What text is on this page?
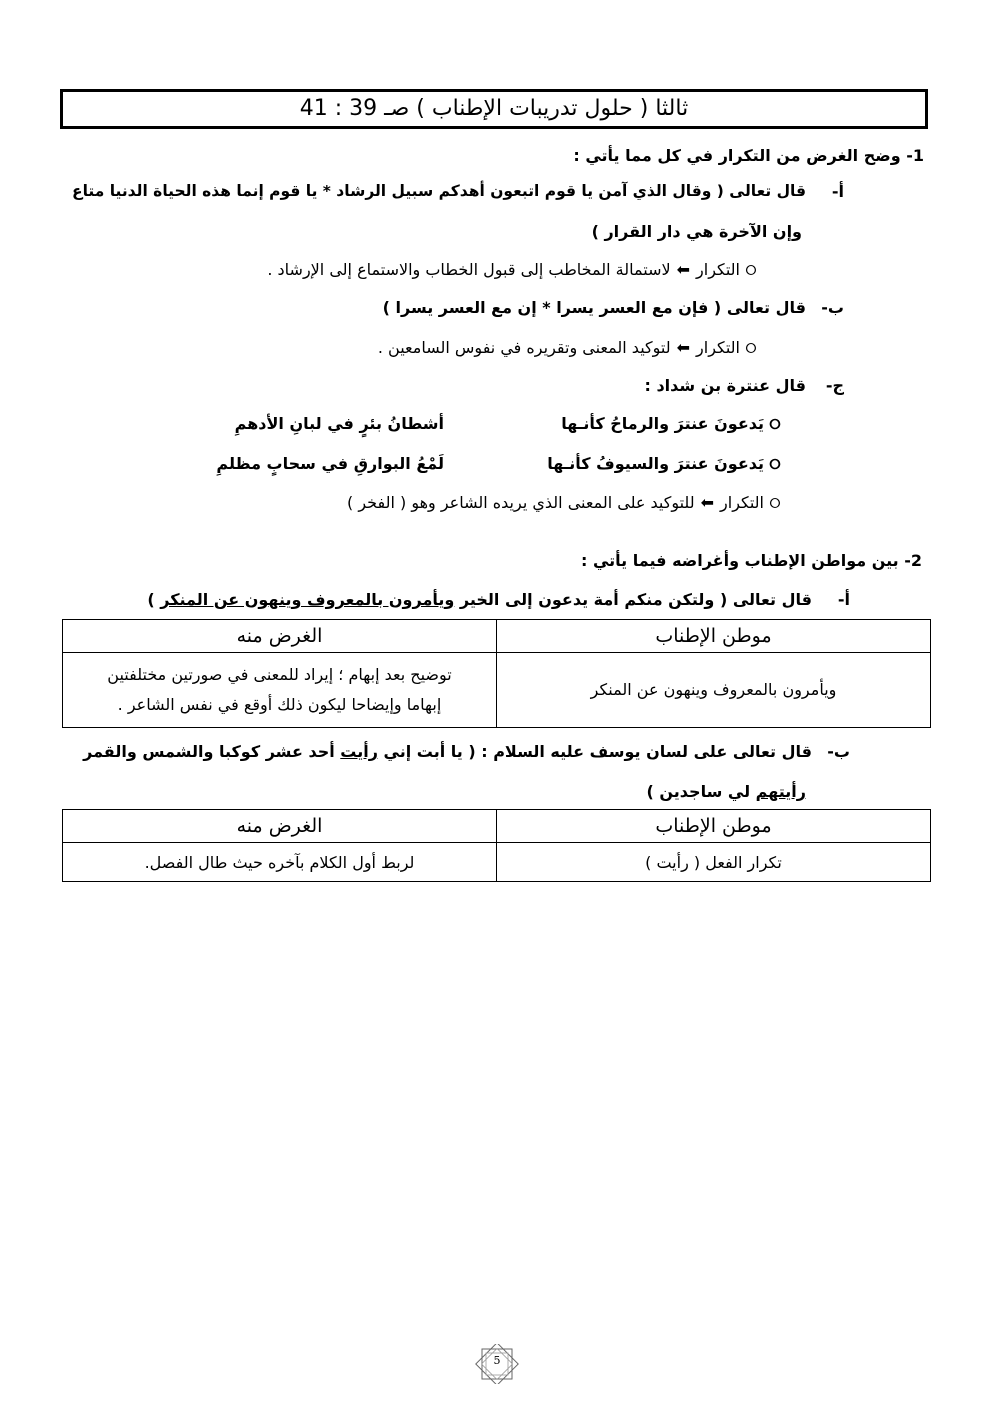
ثالثا ( حلول تدريبات الإطناب ) صـ 39 : 41
1- وضح الغرض من التكرار في كل مما يأتي :
أ-
قال تعالى ( وقال الذي آمن يا قوم اتبعون أهدكم سبيل الرشاد * يا قوم إنما هذه الحياة الدنيا متاع
وإن الآخرة هي دار القرار )
⭘التكرار⬅لاستمالة المخاطب إلى قبول الخطاب والاستماع إلى الإرشاد .
ب-
قال تعالى ( فإن مع العسر يسرا * إن مع العسر يسرا )
⭘التكرار⬅لتوكيد المعنى وتقريره في نفوس السامعين .
ج-
قال عنترة بن شداد :
⭘يَدعونَ عنترَ والرماحُ كأنـها
أشطانُ بئرٍ في لبانِ الأدهمِ
⭘يَدعونَ عنترَ والسيوفُ كأنـها
لَمْعُ البوارقِ في سحابٍ مظلمِ
⭘التكرار⬅للتوكيد على المعنى الذي يريده الشاعر وهو ( الفخر )
2- بين مواطن الإطناب وأغراضه فيما يأتي :
أ-
قال تعالى ( ولتكن منكم أمة يدعون إلى الخير ويأمرون بالمعروف وينهون عن المنكر )
موطن الإطناب	الغرض منه
ويأمرون بالمعروف وينهون عن المنكر	توضيح بعد إبهام ؛ إيراد للمعنى في صورتين مختلفتين
إبهاما وإيضاحا ليكون ذلك أوقع في نفس الشاعر .
ب-
قال تعالى على لسان يوسف عليه السلام : ( يا أبت إني رأيت أحد عشر كوكبا والشمس والقمر
رأيتهم لي ساجدين )
موطن الإطناب	الغرض منه
تكرار الفعل ( رأيت )	لربط أول الكلام بآخره حيث طال الفصل.
5
